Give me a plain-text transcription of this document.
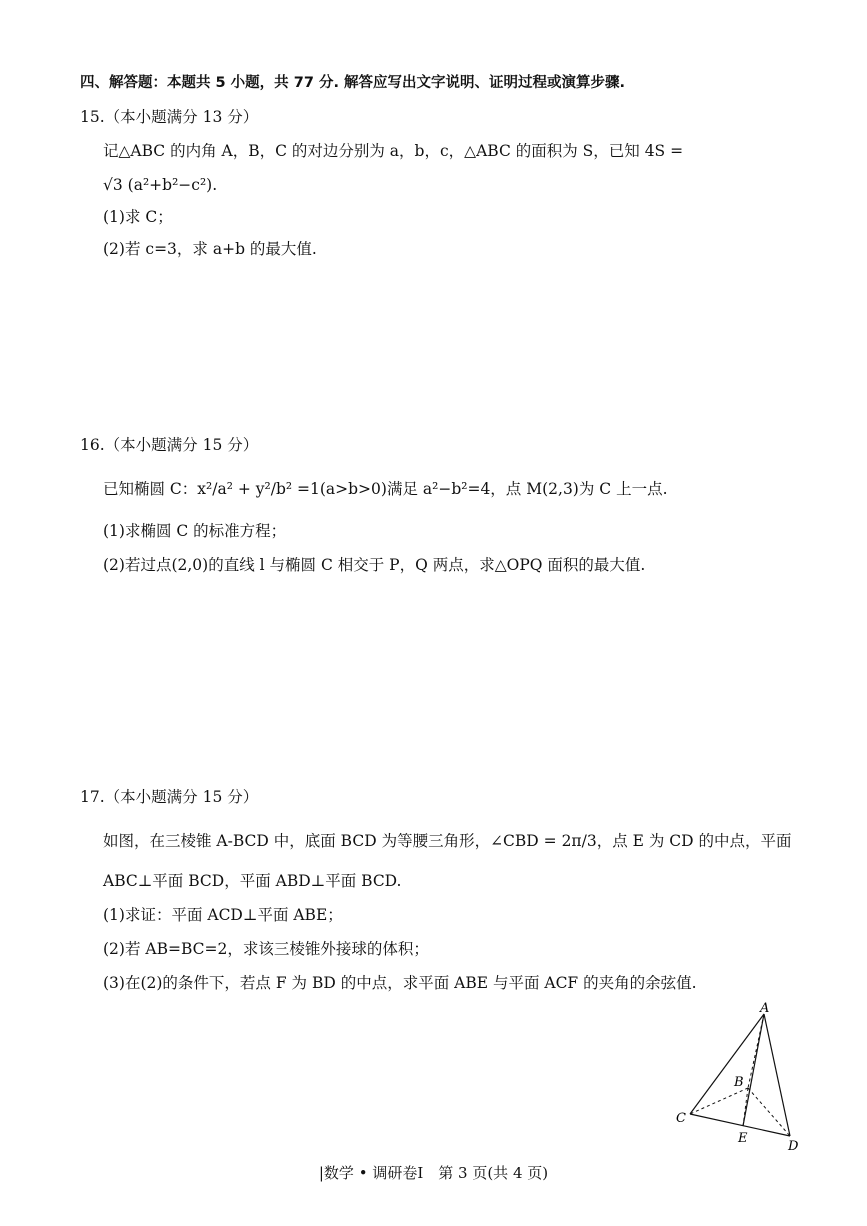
四、解答题：本题共 5 小题，共 77 分. 解答应写出文字说明、证明过程或演算步骤.
15.（本小题满分 13 分）
记△ABC 的内角 A，B，C 的对边分别为 a，b，c，△ABC 的面积为 S，已知 4S =
√3 (a²+b²−c²).
(1)求 C；
(2)若 c=3，求 a+b 的最大值.
16.（本小题满分 15 分）
已知椭圆 C：x²/a² + y²/b² =1(a>b>0)满足 a²−b²=4，点 M(2,3)为 C 上一点.
(1)求椭圆 C 的标准方程；
(2)若过点(2,0)的直线 l 与椭圆 C 相交于 P，Q 两点，求△OPQ 面积的最大值.
17.（本小题满分 15 分）
如图，在三棱锥 A-BCD 中，底面 BCD 为等腰三角形，∠CBD = 2π/3，点 E 为 CD 的中点，平面
ABC⊥平面 BCD，平面 ABD⊥平面 BCD.
(1)求证：平面 ACD⊥平面 ABE；
(2)若 AB=BC=2，求该三棱锥外接球的体积；
(3)在(2)的条件下，若点 F 为 BD 的中点，求平面 ABE 与平面 ACF 的夹角的余弦值.
A
B
C
D
E
|数学 • 调研卷Ⅰ　第 3 页(共 4 页)
